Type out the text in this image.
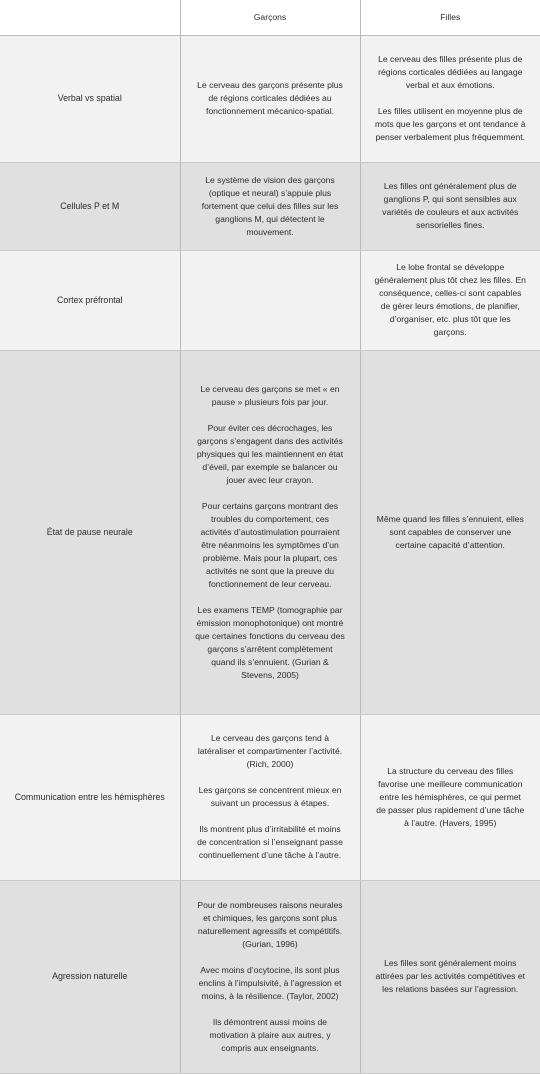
	Garçons	Filles
Verbal vs spatial	Le cerveau des garçons présente plus de régions corticales dédiées au fonctionnement mécanico-spatial.	Le cerveau des filles présente plus de régions corticales dédiées au langage verbal et aux émotions.

Les filles utilisent en moyenne plus de mots que les garçons et ont tendance à penser verbalement plus fréquemment.

Cellules P et M	Le système de vision des garçons (optique et neural) s’appuie plus fortement que celui des filles sur les ganglions M, qui détectent le mouvement.	Les filles ont généralement plus de ganglions P, qui sont sensibles aux variétés de couleurs et aux activités sensorielles fines.

Cortex préfrontal		Le lobe frontal se développe généralement plus tôt chez les filles. En conséquence, celles-ci sont capables de gérer leurs émotions, de planifier, d’organiser, etc. plus tôt que les garçons.

État de pause neurale	Le cerveau des garçons se met « en pause » plusieurs fois par jour.

Pour éviter ces décrochages, les garçons s’engagent dans des activités physiques qui les maintiennent en état d’éveil, par exemple se balancer ou jouer avec leur crayon.

Pour certains garçons montrant des troubles du comportement, ces activités d’autostimulation pourraient être néanmoins les symptômes d’un problème. Mais pour la plupart, ces activités ne sont que la preuve du fonctionnement de leur cerveau.

Les examens TEMP (tomographie par émission monophotonique) ont montré que certaines fonctions du cerveau des garçons s’arrêtent complètement quand ils s’ennuient. (Gurian & Stevens, 2005)	Même quand les filles s’ennuient, elles sont capables de conserver une certaine capacité d’attention.

Communication entre les hémisphères	Le cerveau des garçons tend à latéraliser et compartimenter l’activité. (Rich, 2000)

Les garçons se concentrent mieux en suivant un processus à étapes.

Ils montrent plus d’irritabilité et moins de concentration si l’enseignant passe continuellement d’une tâche à l’autre.	La structure du cerveau des filles favorise une meilleure communication entre les hémisphères, ce qui permet de passer plus rapidement d’une tâche à l’autre. (Havers, 1995)

Agression naturelle	Pour de nombreuses raisons neurales et chimiques, les garçons sont plus naturellement agressifs et compétitifs. (Gurian, 1996)

Avec moins d’ocytocine, ils sont plus enclins à l’impulsivité, à l’agression et moins, à la résilience. (Taylor, 2002)

Ils démontrent aussi moins de motivation à plaire aux autres, y compris aux enseignants.	Les filles sont généralement moins attirées par les activités compétitives et les relations basées sur l’agression.
